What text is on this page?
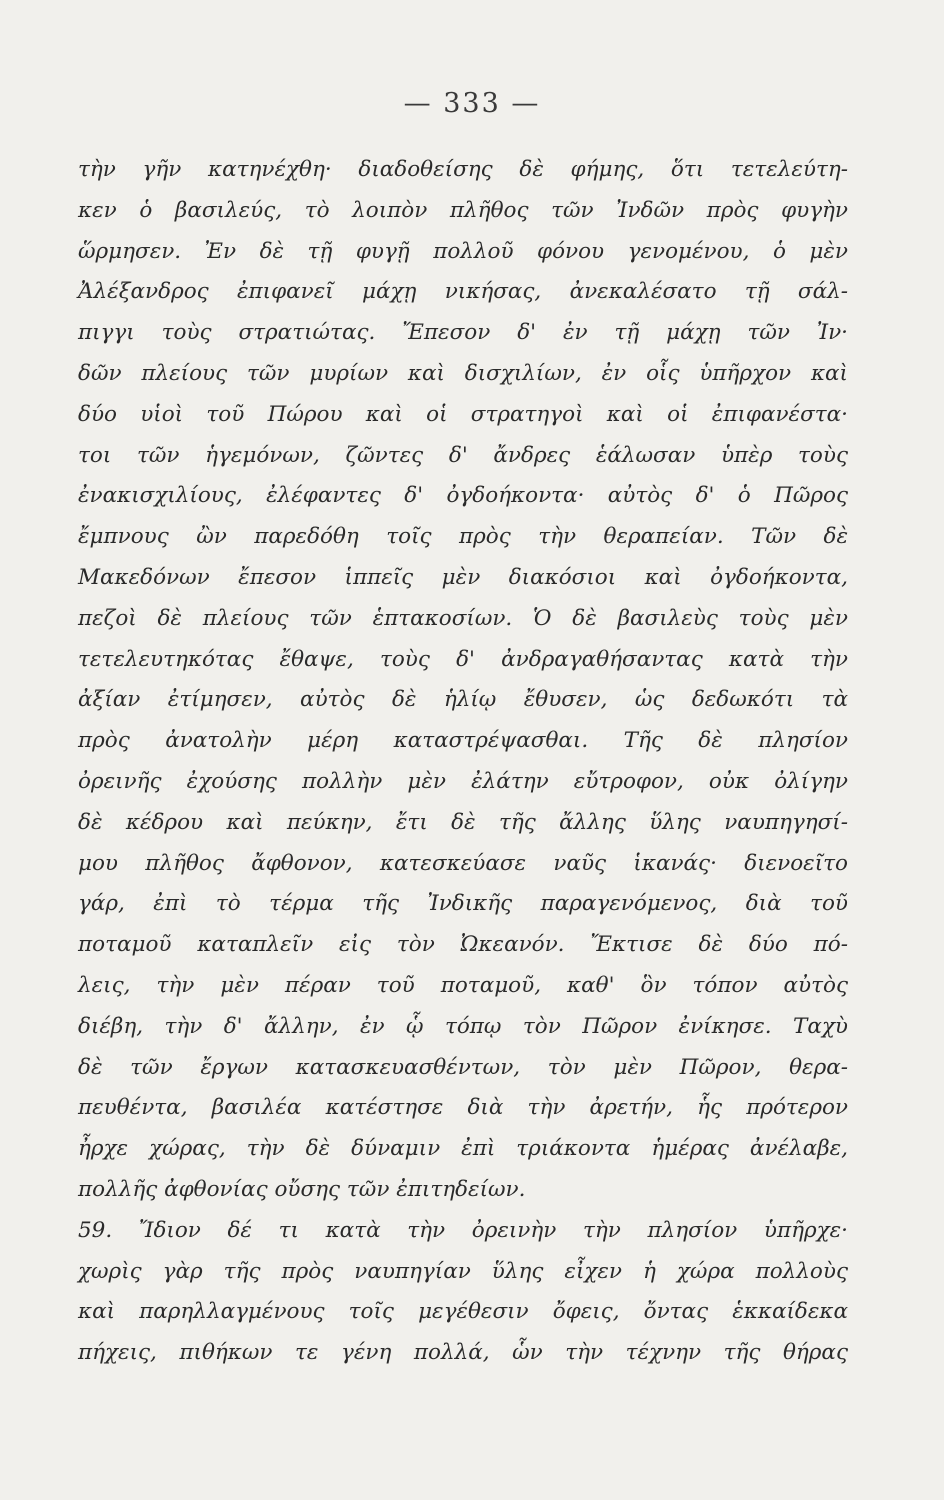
— 333 —
τὴν γῆν κατηνέχθη· διαδοθείσης δὲ φήμης, ὅτι τετελεύτη-
κεν ὁ βασιλεύς, τὸ λοιπὸν πλῆθος τῶν Ἰνδῶν πρὸς φυγὴν
ὥρμησεν. Ἐν δὲ τῇ φυγῇ πολλοῦ φόνου γενομένου, ὁ μὲν
Ἀλέξανδρος ἐπιφανεῖ μάχῃ νικήσας, ἀνεκαλέσατο τῇ σάλ-
πιγγι τοὺς στρατιώτας. Ἔπεσον δ' ἐν τῇ μάχῃ τῶν Ἰν·
δῶν πλείους τῶν μυρίων καὶ δισχιλίων, ἐν οἷς ὑπῆρχον καὶ
δύο υἱοὶ τοῦ Πώρου καὶ οἱ στρατηγοὶ καὶ οἱ ἐπιφανέστα·
τοι τῶν ἡγεμόνων, ζῶντες δ' ἄνδρες ἑάλωσαν ὑπὲρ τοὺς
ἐνακισχιλίους, ἐλέφαντες δ' ὀγδοήκοντα· αὐτὸς δ' ὁ Πῶρος
ἔμπνους ὢν παρεδόθη τοῖς πρὸς τὴν θεραπείαν. Τῶν δὲ
Μακεδόνων ἔπεσον ἱππεῖς μὲν διακόσιοι καὶ ὀγδοήκοντα,
πεζοὶ δὲ πλείους τῶν ἑπτακοσίων. Ὁ δὲ βασιλεὺς τοὺς μὲν
τετελευτηκότας ἔθαψε, τοὺς δ' ἀνδραγαθήσαντας κατὰ τὴν
ἀξίαν ἐτίμησεν, αὐτὸς δὲ ἡλίῳ ἔθυσεν, ὡς δεδωκότι τὰ
πρὸς ἀνατολὴν μέρη καταστρέψασθαι. Τῆς δὲ πλησίον
ὀρεινῆς ἐχούσης πολλὴν μὲν ἐλάτην εὔτροφον, οὐκ ὀλίγην
δὲ κέδρου καὶ πεύκην, ἔτι δὲ τῆς ἄλλης ὕλης ναυπηγησί-
μου πλῆθος ἄφθονον, κατεσκεύασε ναῦς ἱκανάς· διενοεῖτο
γάρ, ἐπὶ τὸ τέρμα τῆς Ἰνδικῆς παραγενόμενος, διὰ τοῦ
ποταμοῦ καταπλεῖν εἰς τὸν Ὠκεανόν. Ἔκτισε δὲ δύο πό-
λεις, τὴν μὲν πέραν τοῦ ποταμοῦ, καθ' ὃν τόπον αὐτὸς
διέβη, τὴν δ' ἄλλην, ἐν ᾧ τόπῳ τὸν Πῶρον ἐνίκησε. Ταχὺ
δὲ τῶν ἔργων κατασκευασθέντων, τὸν μὲν Πῶρον, θερα-
πευθέντα, βασιλέα κατέστησε διὰ τὴν ἀρετήν, ἧς πρότερον
ἦρχε χώρας, τὴν δὲ δύναμιν ἐπὶ τριάκοντα ἡμέρας ἀνέλαβε,
πολλῆς ἀφθονίας οὔσης τῶν ἐπιτηδείων.
59. Ἴδιον δέ τι κατὰ τὴν ὀρεινὴν τὴν πλησίον ὑπῆρχε·
χωρὶς γὰρ τῆς πρὸς ναυπηγίαν ὕλης εἶχεν ἡ χώρα πολλοὺς
καὶ παρηλλαγμένους τοῖς μεγέθεσιν ὄφεις, ὄντας ἑκκαίδεκα
πήχεις, πιθήκων τε γένη πολλά, ὧν τὴν τέχνην τῆς θήρας
